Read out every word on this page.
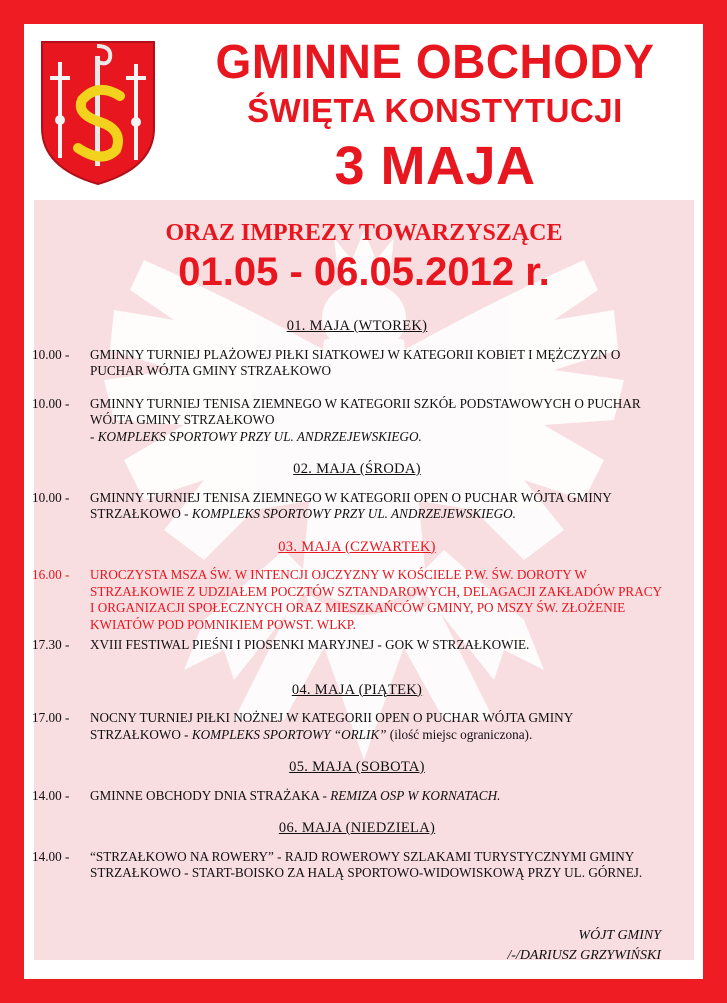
GMINNE OBCHODY
ŚWIĘTA KONSTYTUCJI
3 MAJA

ORAZ IMPREZY TOWARZYSZĄCE

01.05 - 06.05.2012 r.

01. MAJA (WTOREK)

10.00 -	GMINNY TURNIEJ PLAŻOWEJ PIŁKI SIATKOWEJ W KATEGORII KOBIET I MĘŻCZYZN O PUCHAR WÓJTA GMINY STRZAŁKOWO
10.00 -	GMINNY TURNIEJ TENISA ZIEMNEGO W KATEGORII SZKÓŁ PODSTAWOWYCH O PUCHAR WÓJTA GMINY STRZAŁKOWO
- KOMPLEKS SPORTOWY PRZY UL. ANDRZEJEWSKIEGO.

02. MAJA (ŚRODA)

10.00 -	GMINNY TURNIEJ TENISA ZIEMNEGO W KATEGORII OPEN O PUCHAR WÓJTA GMINY STRZAŁKOWO - KOMPLEKS SPORTOWY PRZY UL. ANDRZEJEWSKIEGO.

03. MAJA (CZWARTEK)

16.00 -	UROCZYSTA MSZA ŚW. W INTENCJI OJCZYZNY W KOŚCIELE P.W. ŚW. DOROTY W STRZAŁKOWIE Z UDZIAŁEM POCZTÓW SZTANDAROWYCH, DELAGACJI ZAKŁADÓW PRACY I ORGANIZACJI SPOŁECZNYCH ORAZ MIESZKAŃCÓW GMINY, PO MSZY ŚW. ZŁOŻENIE KWIATÓW POD POMNIKIEM POWST. WLKP.
17.30 -	XVIII FESTIWAL PIEŚNI I PIOSENKI MARYJNEJ - GOK W STRZAŁKOWIE.

04. MAJA (PIĄTEK)

17.00 -	NOCNY TURNIEJ PIŁKI NOŻNEJ W KATEGORII OPEN O PUCHAR WÓJTA GMINY STRZAŁKOWO - KOMPLEKS SPORTOWY “ORLIK” (ilość miejsc ograniczona).

05. MAJA (SOBOTA)

14.00 -	GMINNE OBCHODY DNIA STRAŻAKA - REMIZA OSP W KORNATACH.

06. MAJA (NIEDZIELA)

14.00 -	“STRZAŁKOWO NA ROWERY” - RAJD ROWEROWY SZLAKAMI TURYSTYCZNYMI GMINY STRZAŁKOWO - START-BOISKO ZA HALĄ SPORTOWO-WIDOWISKOWĄ PRZY UL. GÓRNEJ.
WÓJT GMINY
/-/DARIUSZ GRZYWIŃSKI
